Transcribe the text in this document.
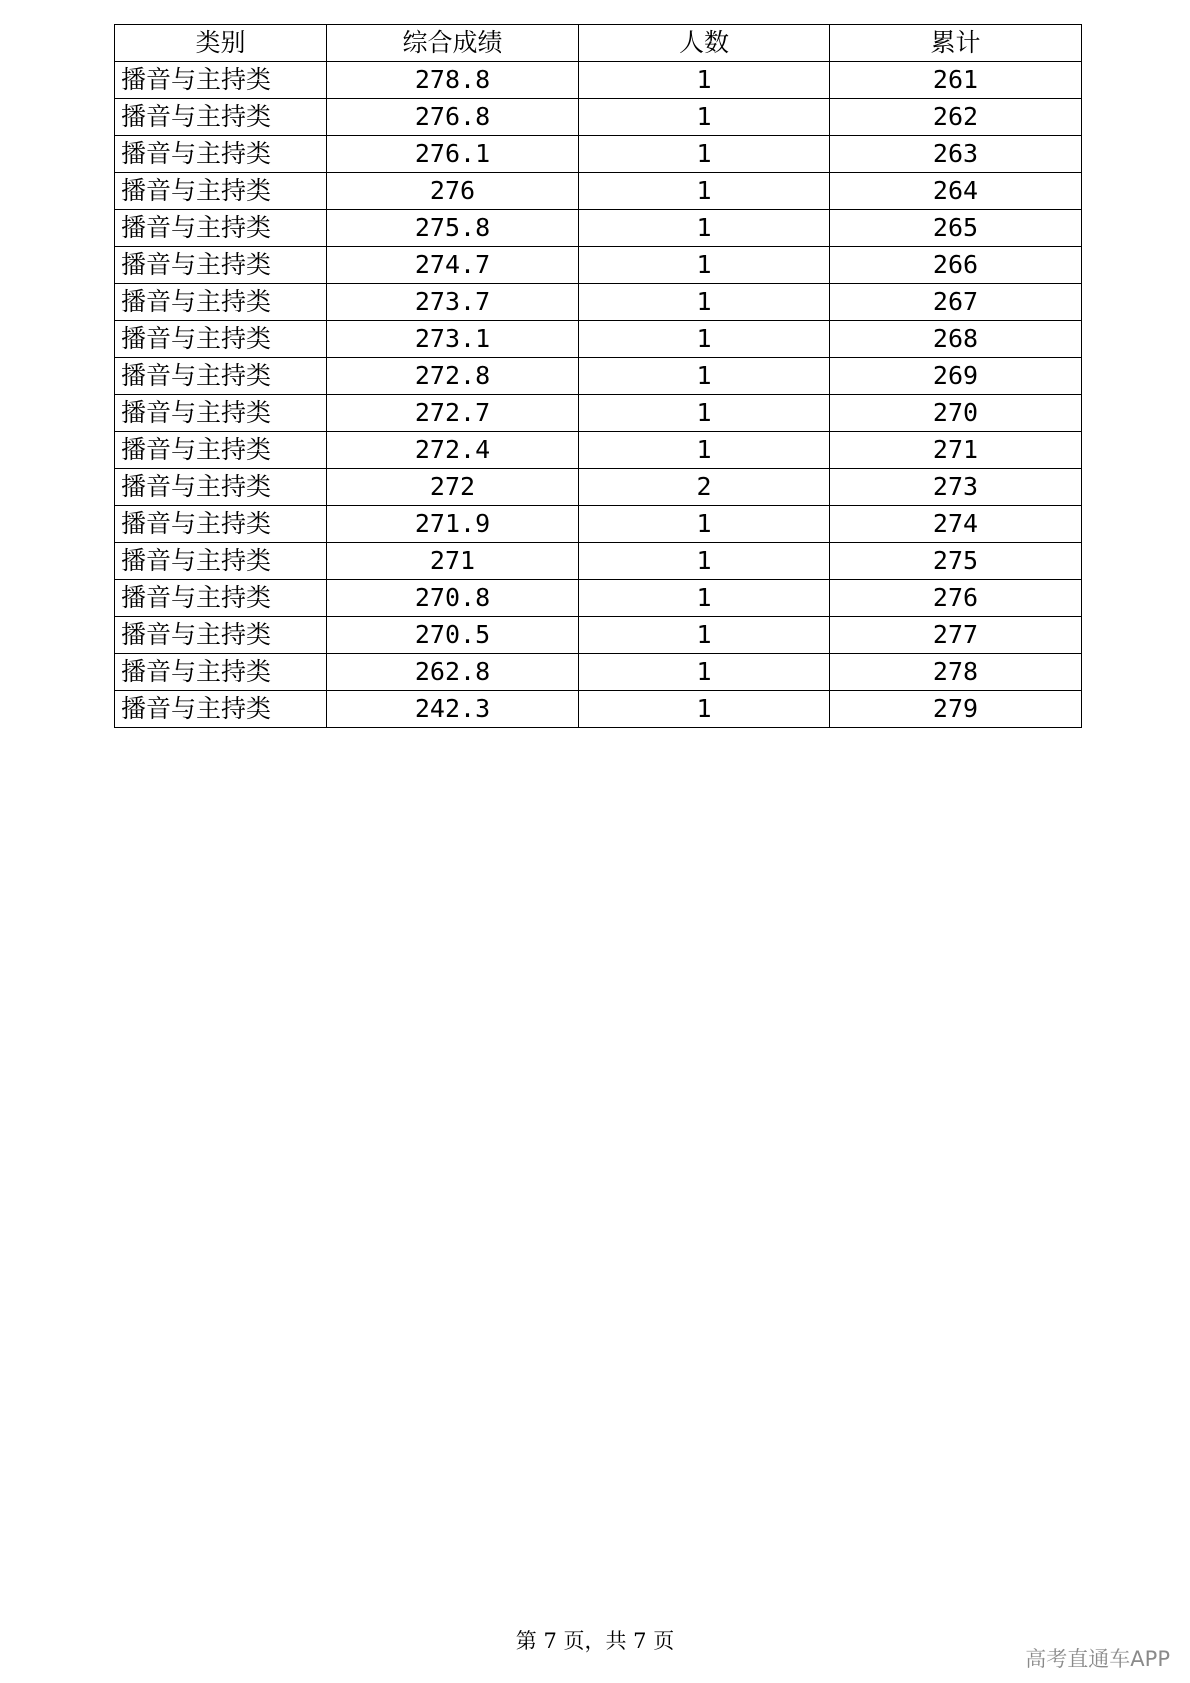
类别	综合成绩	人数	累计
播音与主持类	278.8	1	261
播音与主持类	276.8	1	262
播音与主持类	276.1	1	263
播音与主持类	276	1	264
播音与主持类	275.8	1	265
播音与主持类	274.7	1	266
播音与主持类	273.7	1	267
播音与主持类	273.1	1	268
播音与主持类	272.8	1	269
播音与主持类	272.7	1	270
播音与主持类	272.4	1	271
播音与主持类	272	2	273
播音与主持类	271.9	1	274
播音与主持类	271	1	275
播音与主持类	270.8	1	276
播音与主持类	270.5	1	277
播音与主持类	262.8	1	278
播音与主持类	242.3	1	279
第 7 页，共 7 页
高考直通车APP
